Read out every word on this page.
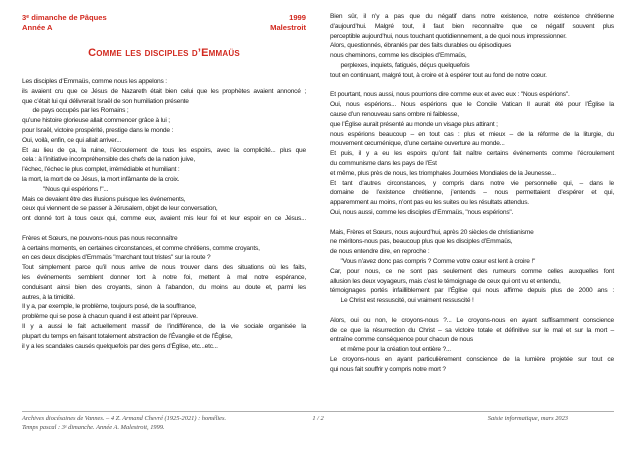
3ᵉ dimanche de Pâques
Année A
1999
Malestroit
Comme les disciples d’Emmaüs
Les disciples d’Emmaüs, comme nous les appelons :
ils avaient cru que ce Jésus de Nazareth était bien celui que les prophètes avaient annoncé ;
que c’était lui qui délivrerait Israël de son humiliation présente
de pays occupés par les Romains ;
qu’une histoire glorieuse allait commencer grâce à lui ;
pour Israël, victoire prospérité, prestige dans le monde :
Oui, voilà, enfin, ce qui allait arriver...
Et au lieu de ça, la ruine, l’écroulement de tous les espoirs, avec la complicité... plus que
cela : à l’initiative incompréhensible des chefs de la nation juive,
l’échec, l’échec le plus complet, irrémédiable et humiliant :
la mort, la mort de ce Jésus, la mort infâmante de la croix.
"Nous qui espérions !"...
Mais ce devaient être des illusions puisque les événements,
ceux qui viennent de se passer à Jérusalem, objet de leur conversation,
ont donné tort à tous ceux qui, comme eux, avaient mis leur foi et leur espoir en ce Jésus...

Frères et Sœurs, ne pouvons-nous pas nous reconnaître
à certains moments, en certaines circonstances, et comme chrétiens, comme croyants,
en ces deux disciples d’Emmaüs "marchant tout tristes" sur la route ?
Tout simplement parce qu’il nous arrive de nous trouver dans des situations où les faits,
les événements semblent donner tort à notre foi, mettent à mal notre espérance,
conduisant ainsi bien des croyants, sinon à l’abandon, du moins au doute et, parmi les
autres, à la timidité.
Il y a, par exemple, le problème, toujours posé, de la souffrance,
problème qui se pose à chacun quand il est atteint par l’épreuve.
Il y a aussi le fait actuellement massif de l’indifférence, de la vie sociale organisée la
plupart du temps en faisant totalement abstraction de l’Évangile et de l’Église,
il y a les scandales causés quelquefois par des gens d’Église, etc...etc...
Bien sûr, il n’y a pas que du négatif dans notre existence, notre existence chrétienne
d’aujourd’hui. Malgré tout, il faut bien reconnaître que ce négatif souvent plus
perceptible aujourd’hui, nous touchant quotidiennement, a de quoi nous impressionner.
Alors, questionnés, ébranlés par des faits durables ou épisodiques
nous cheminons, comme les disciples d’Emmaüs,
perplexes, inquiets, fatigués, déçus quelquefois
tout en continuant, malgré tout, à croire et à espérer tout au fond de notre cœur.

Et pourtant, nous aussi, nous pourrions dire comme eux et avec eux : "Nous espérions".
Oui, nous espérions... Nous espérions que le Concile Vatican II aurait été pour l’Église la
cause d’un renouveau sans ombre ni faiblesse,
que l’Église aurait présenté au monde un visage plus attirant ;
nous espérions beaucoup – en tout cas : plus et mieux – de la réforme de la liturgie, du
mouvement œcuménique, d’une certaine ouverture au monde...
Et puis, il y a eu les espoirs qu’ont fait naître certains événements comme l’écroulement
du communisme dans les pays de l’Est
et même, plus près de nous, les triomphales Journées Mondiales de la Jeunesse...
Et tant d’autres circonstances, y compris dans notre vie personnelle qui, – dans le
domaine de l’existence chrétienne, j’entends – nous permettaient d’espérer et qui,
apparemment au moins, n’ont pas eu les suites ou les résultats attendus.
Oui, nous aussi, comme les disciples d’Emmaüs, "nous espérions".

Mais, Frères et Sœurs, nous aujourd’hui, après 20 siècles de christianisme
ne méritons-nous pas, beaucoup plus que les disciples d’Emmaüs,
de nous entendre dire, en reproche :
"Vous n’avez donc pas compris ? Comme votre cœur est lent à croire !"
Car, pour nous, ce ne sont pas seulement des rumeurs comme celles auxquelles font
allusion les deux voyageurs, mais c’est le témoignage de ceux qui ont vu et entendu,
témoignages portés infailliblement par l’Église qui nous affirme depuis plus de 2000 ans :
Le Christ est ressuscité, oui vraiment ressuscité !

Alors, oui ou non, le croyons-nous ?... Le croyons-nous en ayant suffisamment conscience
de ce que la résurrection du Christ – sa victoire totale et définitive sur le mal et sur la mort –
entraîne comme conséquence pour chacun de nous
et même pour la création tout entière ?...
Le croyons-nous en ayant particulièrement conscience de la lumière projetée sur tout ce
qui nous fait souffrir y compris notre mort ?
Archives diocésaines de Vannes. – 4 Z. Armand Chevré (1925-2021) : homélies.
Temps pascal : 3ᵉ dimanche. Année A. Malestroit, 1999.
1 / 2	Saisie informatique, mars 2023
